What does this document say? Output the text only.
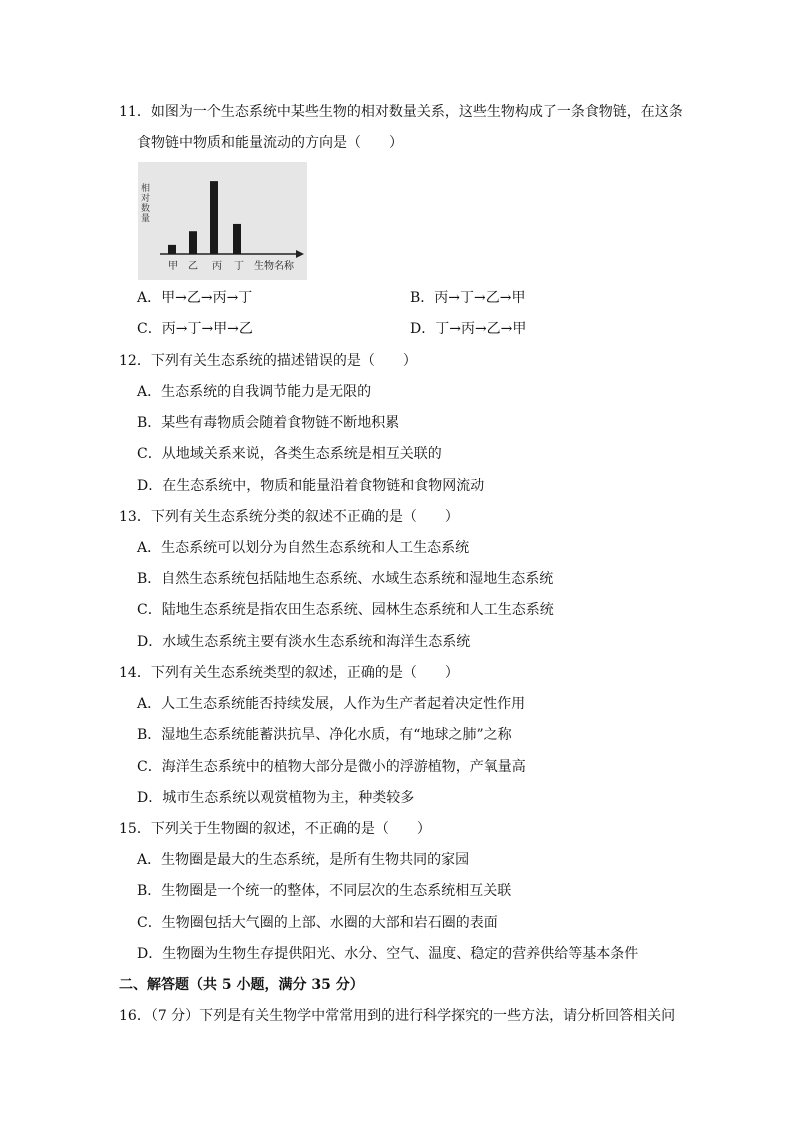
11．如图为一个生态系统中某些生物的相对数量关系，这些生物构成了一条食物链，在这条
食物链中物质和能量流动的方向是（　　）
相对数量
甲 乙 丙 丁 生物名称
A．甲→乙→丙→丁	B．丙→丁→乙→甲
C．丙→丁→甲→乙	D．丁→丙→乙→甲
12．下列有关生态系统的描述错误的是（　　）
A．生态系统的自我调节能力是无限的
B．某些有毒物质会随着食物链不断地积累
C．从地域关系来说，各类生态系统是相互关联的
D．在生态系统中，物质和能量沿着食物链和食物网流动
13．下列有关生态系统分类的叙述不正确的是（　　）
A．生态系统可以划分为自然生态系统和人工生态系统
B．自然生态系统包括陆地生态系统、水域生态系统和湿地生态系统
C．陆地生态系统是指农田生态系统、园林生态系统和人工生态系统
D．水域生态系统主要有淡水生态系统和海洋生态系统
14．下列有关生态系统类型的叙述，正确的是（　　）
A．人工生态系统能否持续发展，人作为生产者起着决定性作用
B．湿地生态系统能蓄洪抗旱、净化水质，有“地球之肺”之称
C．海洋生态系统中的植物大部分是微小的浮游植物，产氧量高
D．城市生态系统以观赏植物为主，种类较多
15．下列关于生物圈的叙述，不正确的是（　　）
A．生物圈是最大的生态系统，是所有生物共同的家园
B．生物圈是一个统一的整体，不同层次的生态系统相互关联
C．生物圈包括大气圈的上部、水圈的大部和岩石圈的表面
D．生物圈为生物生存提供阳光、水分、空气、温度、稳定的营养供给等基本条件
二、解答题（共 5 小题，满分 35 分）
16．（7 分）下列是有关生物学中常常用到的进行科学探究的一些方法，请分析回答相关问
